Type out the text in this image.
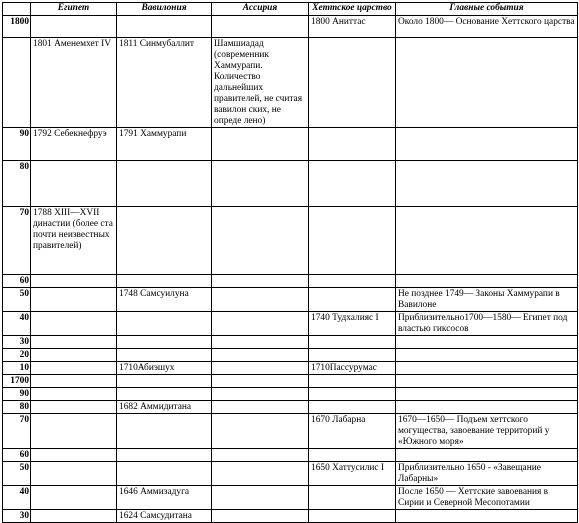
	Египет	Вавилония	Ассирия	Хеттское царство	Главные события
1800				1800 Аниттас	Около 1800— Основание Хеттского царства
	1801 Аменемхет IV	1811 Синмубаллит	Шамшиадад (современник Хаммурапи. Количество дальнейших правителей, не считая вавилон ских, не опреде лено)		
90	1792 Себекнефруэ	1791 Хаммурапи			
80					
70	1788 XIII—XVII династии (более ста почти неизвестных правителей)				
60					
50		1748 Самсуилуна			Не позднее 1749— Законы Хаммурапи в Вавилоне
40				1740 Тудхалияс I	Приблизительно1700—1580— Египет под властью гиксосов
30					
20					
10		1710Абиэшух		1710Пассурумас	
1700					
90					
80		1682 Аммидитана			
70				1670 Лабарна	1670—1650— Подъем хеттского могущества, завоевание территорий у «Южного моря»
60					
50				1650 Хаттусилис I	Приблизительно 1650 - «Завещание Лабарны»
40		1646 Аммизадуга			После 1650 — Хеттские завоевания в Сирии и Северной Месопотамии
30		1624 Самсудитана			
